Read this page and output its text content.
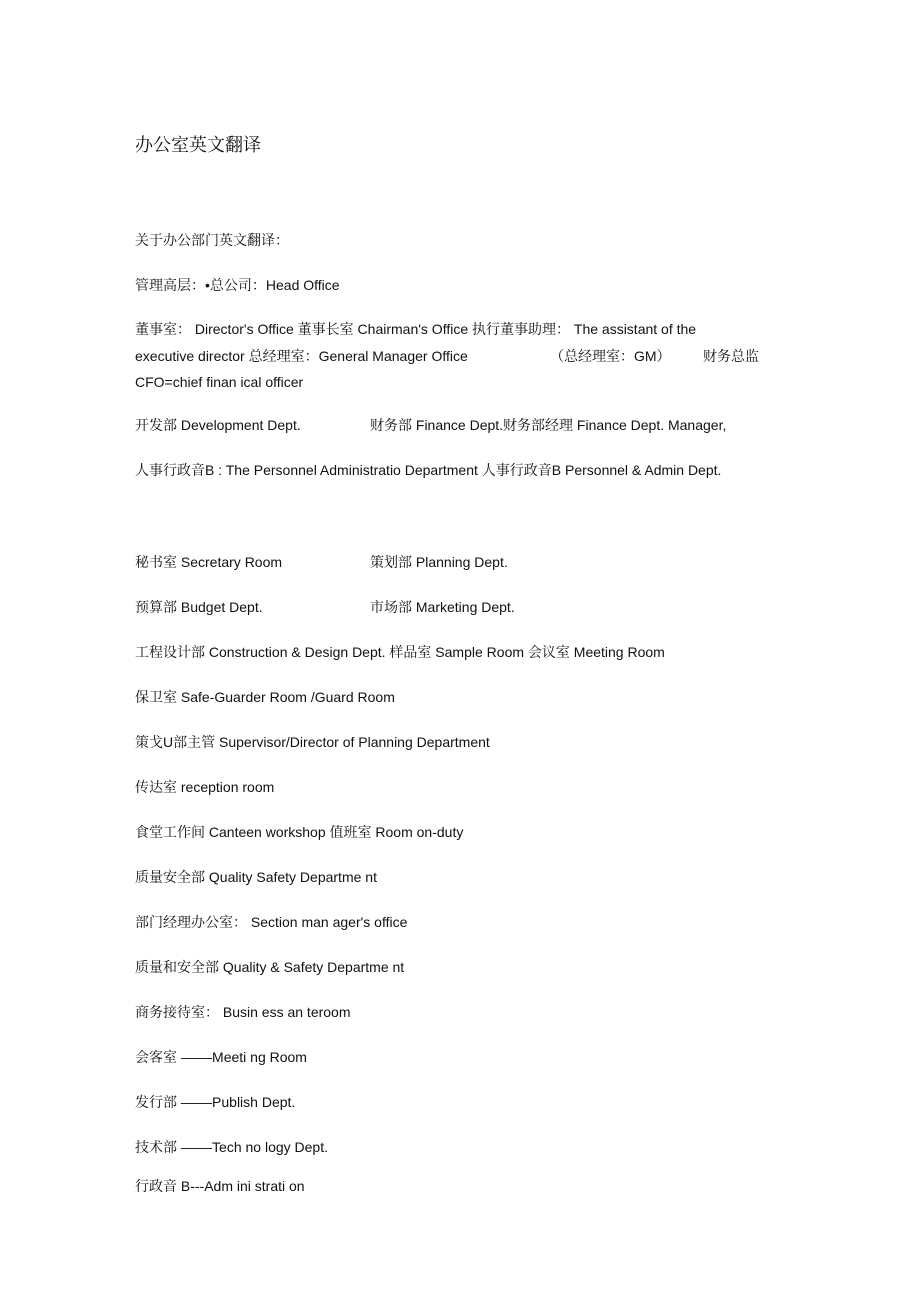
办公室英文翻译
关于办公部门英文翻译：
管理高层：•总公司：Head Office
董事室： Director's Office 董事长室 Chairman's Office 执行董事助理： The assistant of the
executive director 总经理室：General Manager Office	（总经理室：GM） 财务总监
CFO=chief finan ical officer
开发部 Development Dept.	财务部 Finance Dept.财务部经理 Finance Dept. Manager,
人事行政音B : The Personnel Administratio Department 人事行政音B Personnel & Admin Dept.
秘书室 Secretary Room	策划部 Planning Dept.
预算部 Budget Dept.	市场部 Marketing Dept.
工程设计部 Construction & Design Dept. 样品室 Sample Room 会议室 Meeting Room
保卫室 Safe-Guarder Room /Guard Room
策戈U部主管 Supervisor/Director of Planning Department
传达室 reception room
食堂工作间 Canteen workshop 值班室 Room on-duty
质量安全部 Quality Safety Departme nt
部门经理办公室： Section man ager's office
质量和安全部 Quality & Safety Departme nt
商务接待室： Busin ess an teroom
会客室 ––––Meeti ng Room
发行部 ––––Publish Dept.
技术部 ––––Tech no logy Dept.
行政音 B---Adm ini strati on
